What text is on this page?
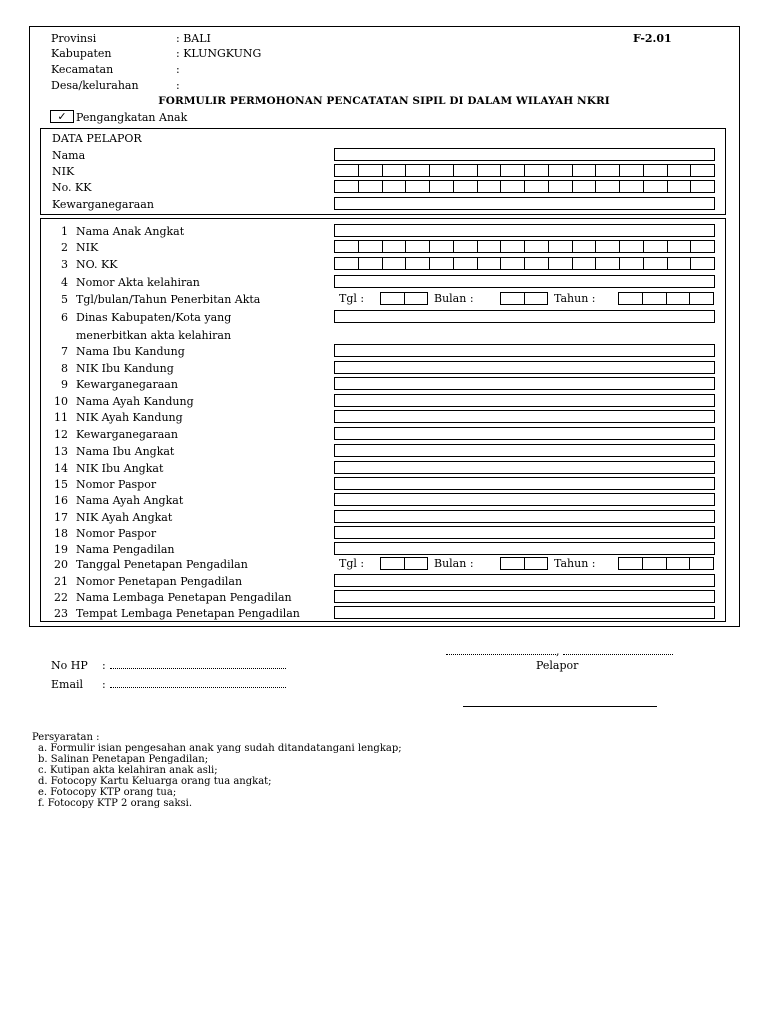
Provinsi	: BALI
Kabupaten	: KLUNGKUNG
Kecamatan	:
Desa/kelurahan	:
F-2.01
FORMULIR PERMOHONAN PENCATATAN SIPIL DI DALAM WILAYAH NKRI
✓ Pengangkatan Anak
DATA PELAPOR
Nama
NIK
No. KK
Kewarganegaraan
1 Nama Anak Angkat
2 NIK
3 NO. KK
4 Nomor Akta kelahiran
5 Tgl/bulan/Tahun Penerbitan Akta	Tgl :	Bulan :	Tahun :
6 Dinas Kabupaten/Kota yang
menerbitkan akta kelahiran
7 Nama Ibu Kandung
8 NIK Ibu Kandung
9 Kewarganegaraan
10 Nama Ayah Kandung
11 NIK Ayah Kandung
12 Kewarganegaraan
13 Nama Ibu Angkat
14 NIK Ibu Angkat
15 Nomor Paspor
16 Nama Ayah Angkat
17 NIK Ayah Angkat
18 Nomor Paspor
19 Nama Pengadilan
20 Tanggal Penetapan Pengadilan	Tgl :	Bulan :	Tahun :
21 Nomor Penetapan Pengadilan
22 Nama Lembaga Penetapan Pengadilan
23 Tempat Lembaga Penetapan Pengadilan
No HP :
Email :
,
Pelapor
Persyaratan :
a. Formulir isian pengesahan anak yang sudah ditandatangani lengkap;
b. Salinan Penetapan Pengadilan;
c. Kutipan akta kelahiran anak asli;
d. Fotocopy Kartu Keluarga orang tua angkat;
e. Fotocopy KTP orang tua;
f. Fotocopy KTP 2 orang saksi.
